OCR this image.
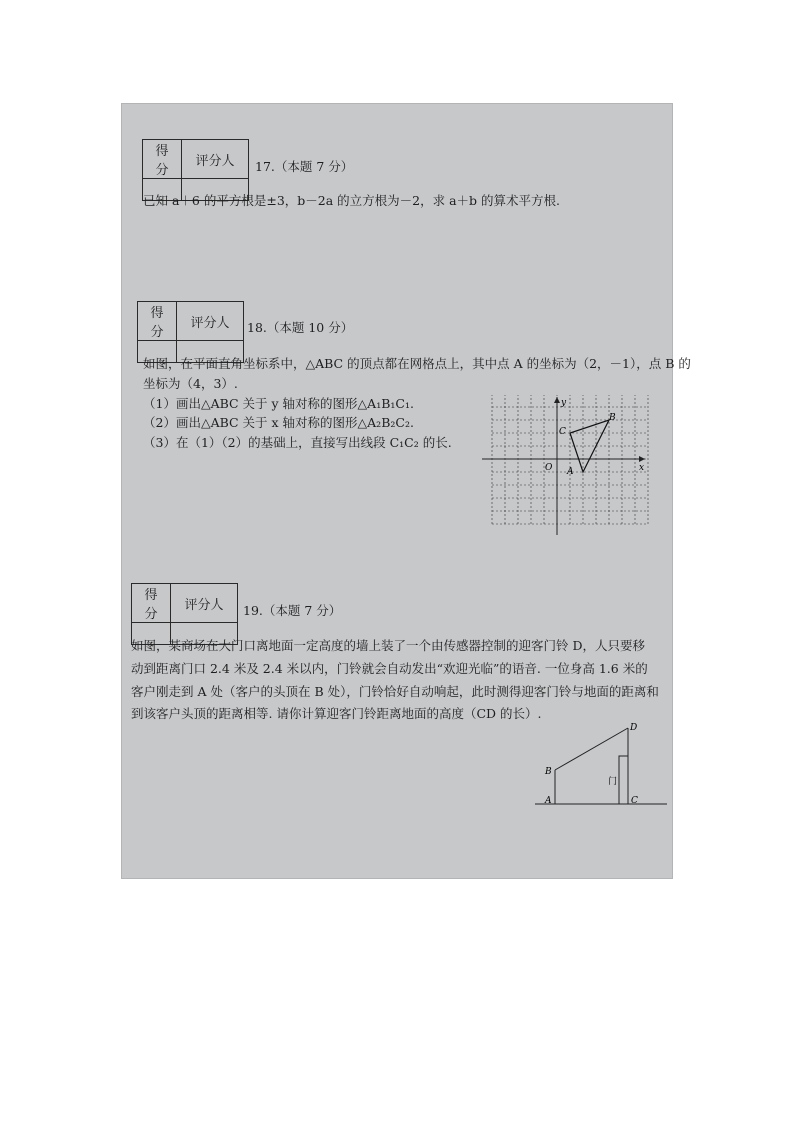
得 分	评分人
	17.（本题 7 分）
已知 a＋6 的平方根是±3，b－2a 的立方根为－2，求 a＋b 的算术平方根.
得 分	评分人
	18.（本题 10 分）
如图，在平面直角坐标系中，△ABC 的顶点都在网格点上，其中点 A 的坐标为（2，－1），点 B 的
坐标为（4，3）.
（1）画出△ABC 关于 y 轴对称的图形△A₁B₁C₁.
（2）画出△ABC 关于 x 轴对称的图形△A₂B₂C₂.
（3）在（1）（2）的基础上，直接写出线段 C₁C₂ 的长.
y
x
O A
B
C
得 分	评分人
	19.（本题 7 分）
如图，某商场在大门口离地面一定高度的墙上装了一个由传感器控制的迎客门铃 D，人只要移
动到距离门口 2.4 米及 2.4 米以内，门铃就会自动发出“欢迎光临”的语音. 一位身高 1.6 米的
客户刚走到 A 处（客户的头顶在 B 处），门铃恰好自动响起，此时测得迎客门铃与地面的距离和
到该客户头顶的距离相等. 请你计算迎客门铃距离地面的高度（CD 的长）.
D
B
A	C
门
